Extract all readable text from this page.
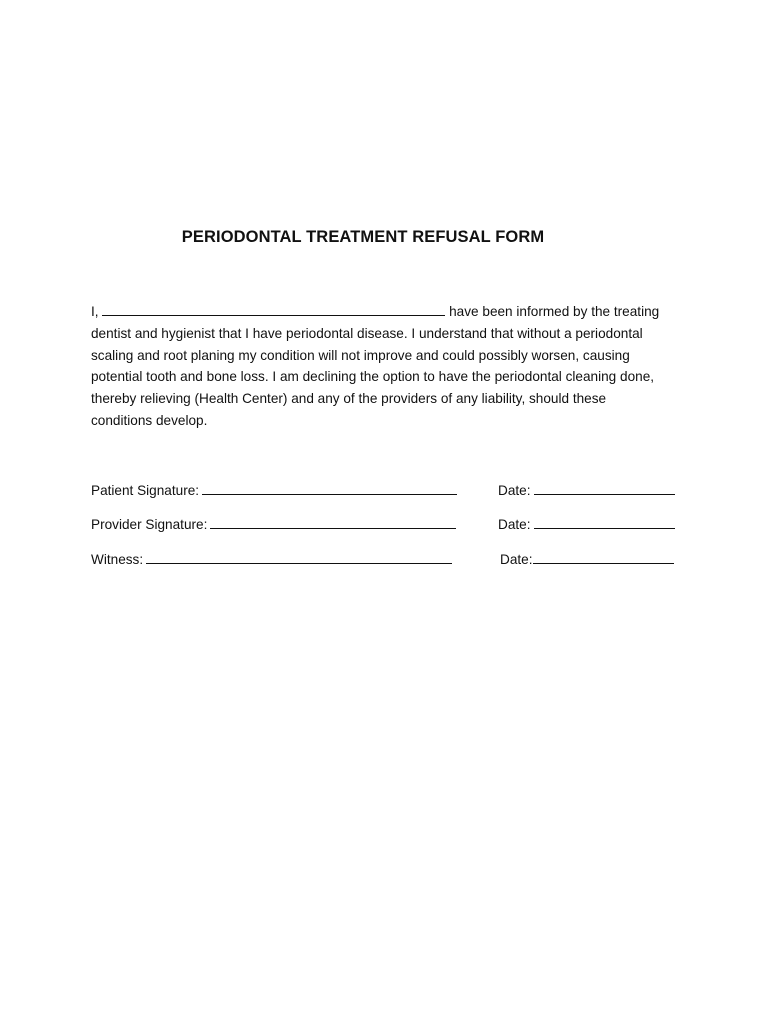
PERIODONTAL TREATMENT REFUSAL FORM
I,	have been informed by the treating
dentist and hygienist that I have periodontal disease. I understand that without a periodontal
scaling and root planing my condition will not improve and could possibly worsen, causing
potential tooth and bone loss. I am declining the option to have the periodontal cleaning done,
thereby relieving (Health Center) and any of the providers of any liability, should these
conditions develop.
Patient Signature:	Date:
Provider Signature:	Date:
Witness:	Date:
